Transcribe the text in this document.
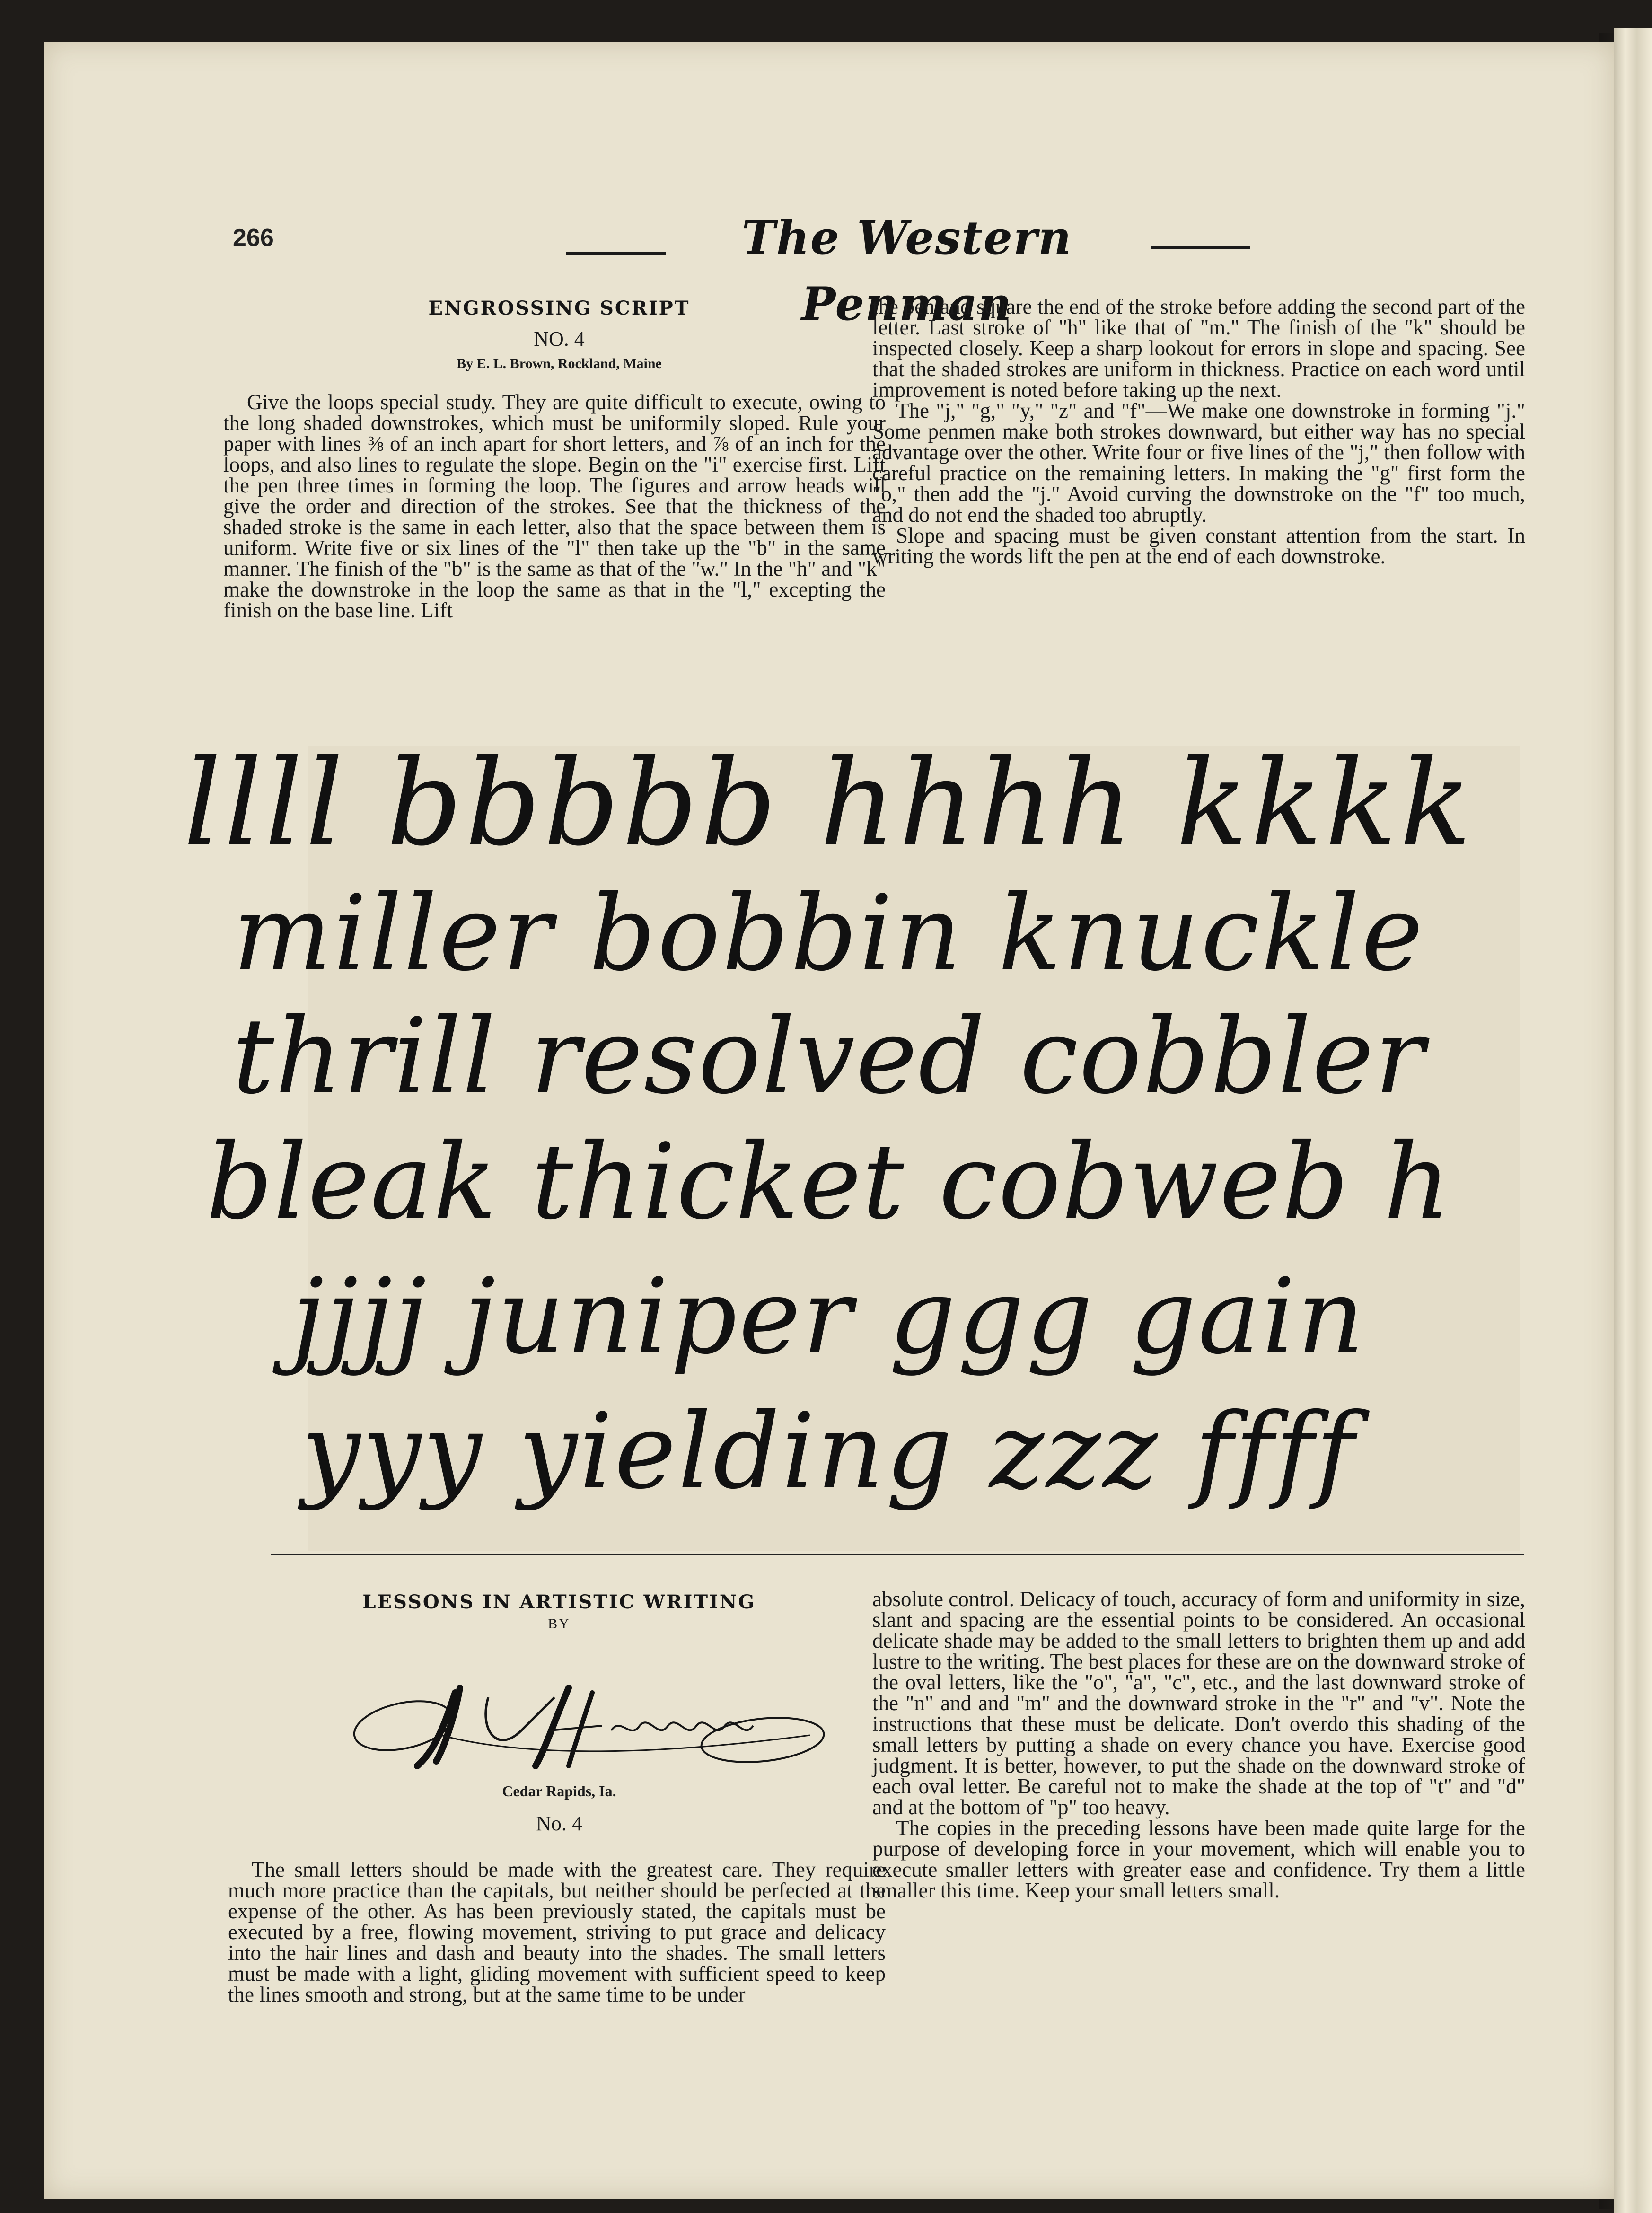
266	The Western Penman
ENGROSSING SCRIPT
NO. 4
By E. L. Brown, Rockland, Maine

Give the loops special study. They are quite difficult to execute, owing to the long shaded downstrokes, which must be uniformily sloped. Rule your paper with lines ⅜ of an inch apart for short letters, and ⅞ of an inch for the loops, and also lines to regulate the slope. Begin on the "i" exercise first. Lift the pen three times in forming the loop. The figures and arrow heads will give the order and direction of the strokes. See that the thickness of the shaded stroke is the same in each letter, also that the space between them is uniform. Write five or six lines of the "l" then take up the "b" in the same manner. The finish of the "b" is the same as that of the "w." In the "h" and "k" make the downstroke in the loop the same as that in the "l," excepting the finish on the base line. Lift

the pen and square the end of the stroke before adding the second part of the letter. Last stroke of "h" like that of "m." The finish of the "k" should be inspected closely. Keep a sharp lookout for errors in slope and spacing. See that the shaded strokes are uniform in thickness. Practice on each word until improvement is noted before taking up the next.

The "j," "g," "y," "z" and "f"—We make one downstroke in forming "j." Some penmen make both strokes downward, but either way has no special advantage over the other. Write four or five lines of the "j," then follow with careful practice on the remaining letters. In making the "g" first form the "o," then add the "j." Avoid curving the downstroke on the "f" too much, and do not end the shaded too abruptly.

Slope and spacing must be given constant attention from the start. In writing the words lift the pen at the end of each downstroke.

llll bbbbb hhhh kkkk
miller bobbin knuckle
thrill resolved cobbler
bleak thicket cobweb h
jjjj juniper ggg gain
yyy yielding zzz ffff
LESSONS IN ARTISTIC WRITING
BY
Cedar Rapids, Ia.
No. 4

The small letters should be made with the greatest care. They require much more practice than the capitals, but neither should be perfected at the expense of the other. As has been previously stated, the capitals must be executed by a free, flowing movement, striving to put grace and delicacy into the hair lines and dash and beauty into the shades. The small letters must be made with a light, gliding movement with sufficient speed to keep the lines smooth and strong, but at the same time to be under

absolute control. Delicacy of touch, accuracy of form and uniformity in size, slant and spacing are the essential points to be considered. An occasional delicate shade may be added to the small letters to brighten them up and add lustre to the writing. The best places for these are on the downward stroke of the oval letters, like the "o", "a", "c", etc., and the last downward stroke of the "n" and and "m" and the downward stroke in the "r" and "v". Note the instructions that these must be delicate. Don't overdo this shading of the small letters by putting a shade on every chance you have. Exercise good judgment. It is better, however, to put the shade on the downward stroke of each oval letter. Be careful not to make the shade at the top of "t" and "d" and at the bottom of "p" too heavy.

The copies in the preceding lessons have been made quite large for the purpose of developing force in your movement, which will enable you to execute smaller letters with greater ease and confidence. Try them a little smaller this time. Keep your small letters small.
